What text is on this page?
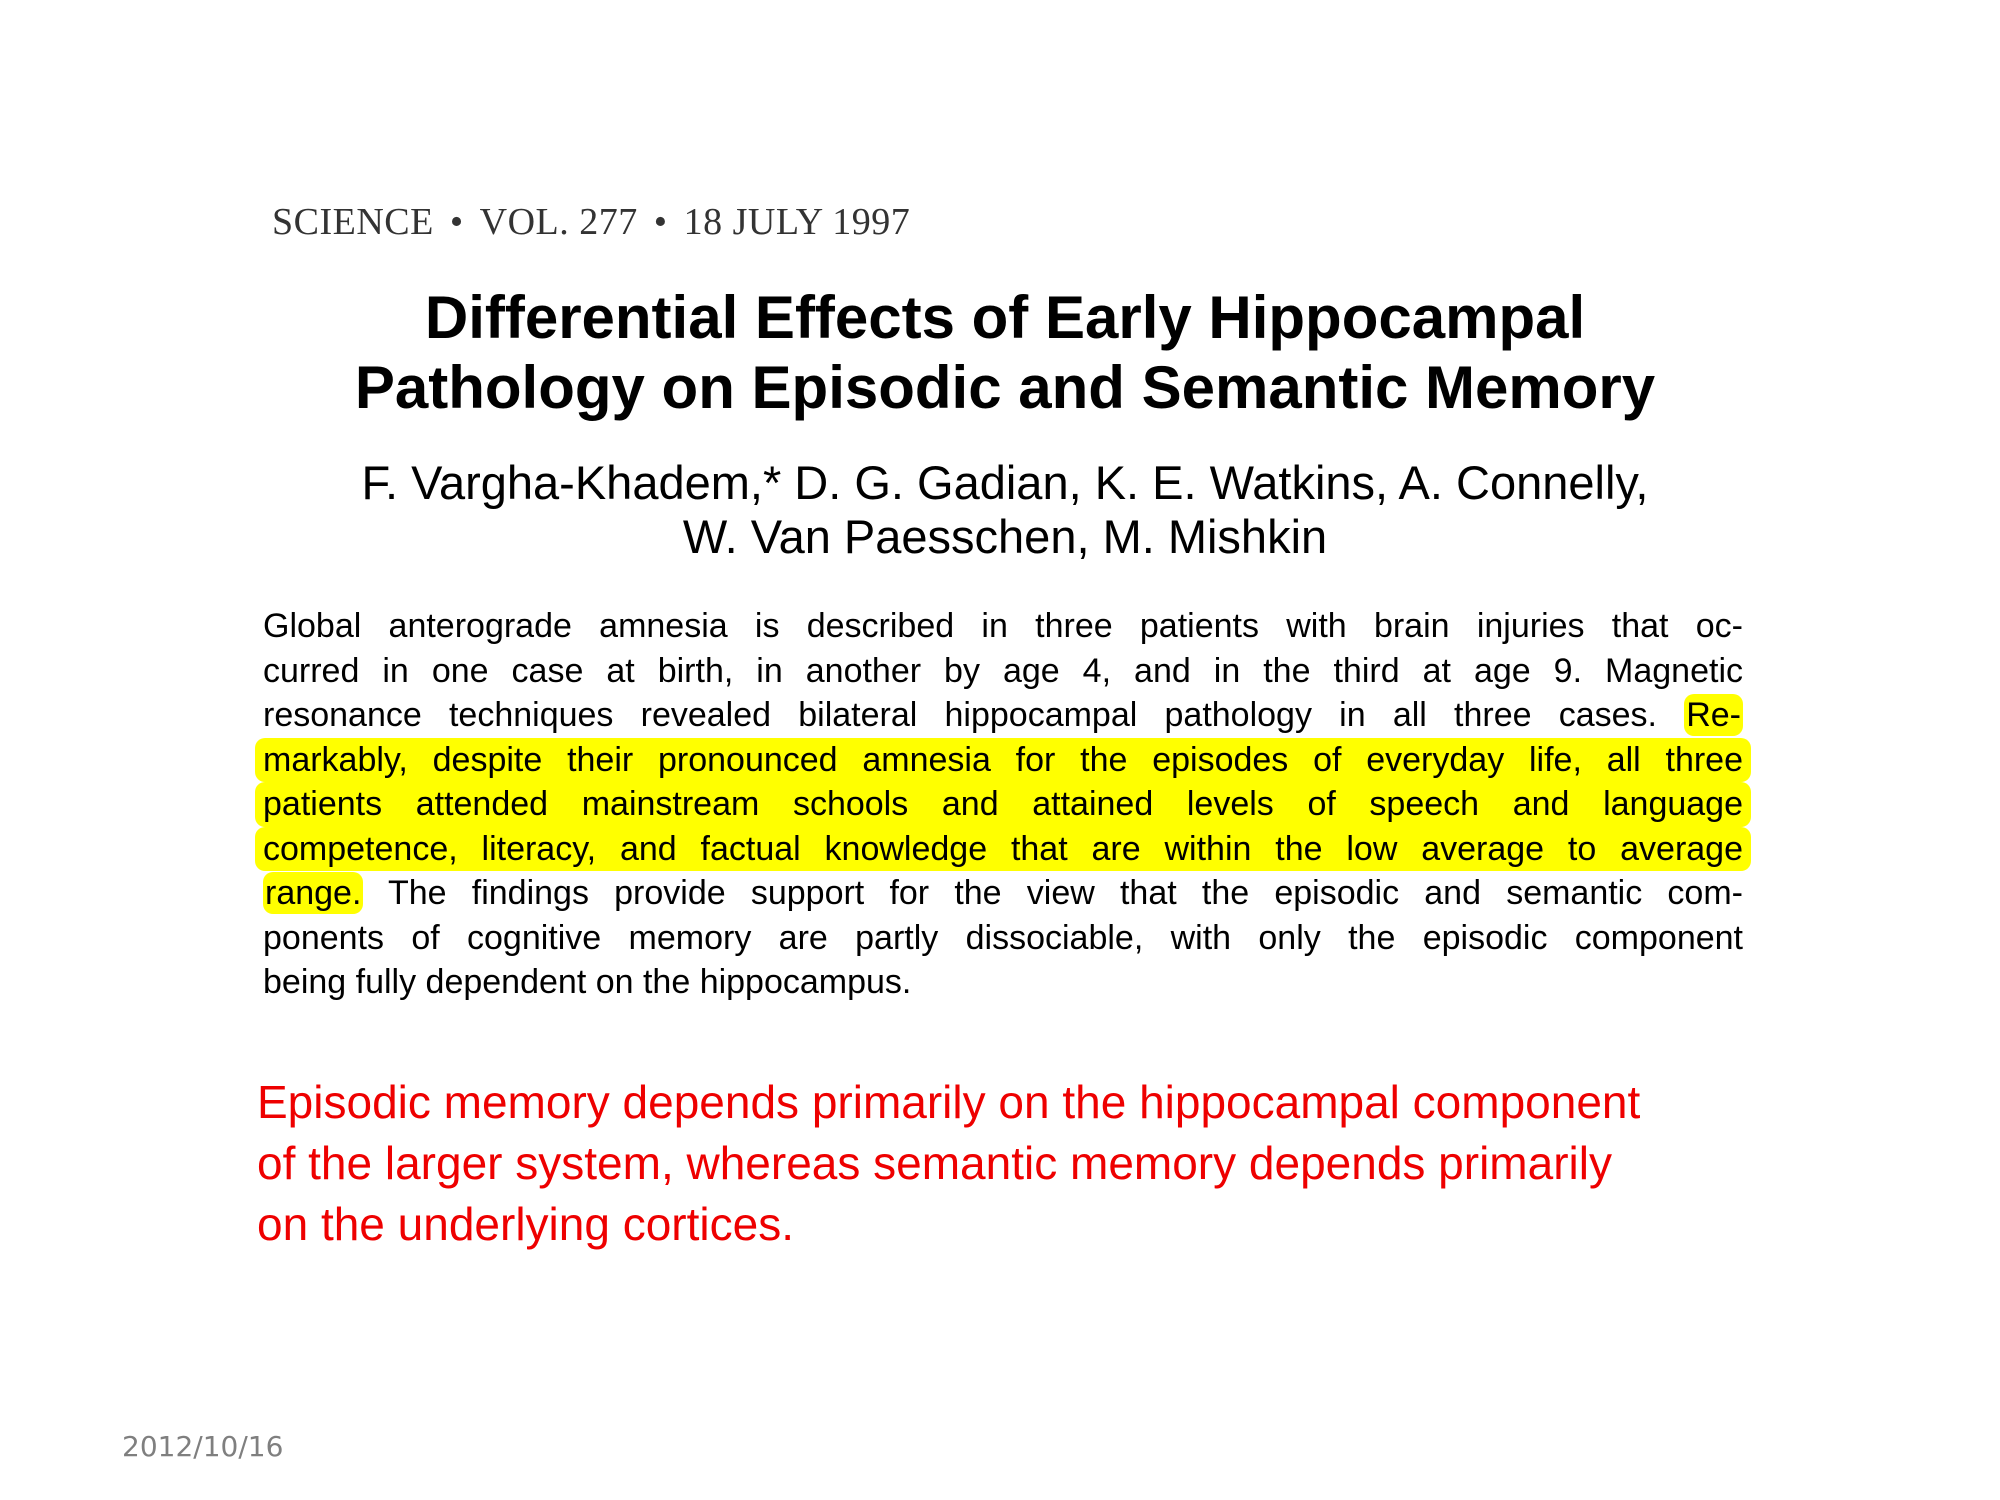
SCIENCE • VOL. 277 • 18 JULY 1997
Differential Effects of Early Hippocampal
Pathology on Episodic and Semantic Memory
F. Vargha-Khadem,* D. G. Gadian, K. E. Watkins, A. Connelly,
W. Van Paesschen, M. Mishkin
Global anterograde amnesia is described in three patients with brain injuries that oc-
curred in one case at birth, in another by age 4, and in the third at age 9. Magnetic
resonance techniques revealed bilateral hippocampal pathology in all three cases. Re-
markably, despite their pronounced amnesia for the episodes of everyday life, all three
patients attended mainstream schools and attained levels of speech and language
competence, literacy, and factual knowledge that are within the low average to average
range. The findings provide support for the view that the episodic and semantic com-
ponents of cognitive memory are partly dissociable, with only the episodic component
being fully dependent on the hippocampus.
Episodic memory depends primarily on the hippocampal component
of the larger system, whereas semantic memory depends primarily
on the underlying cortices.
2012/10/16
